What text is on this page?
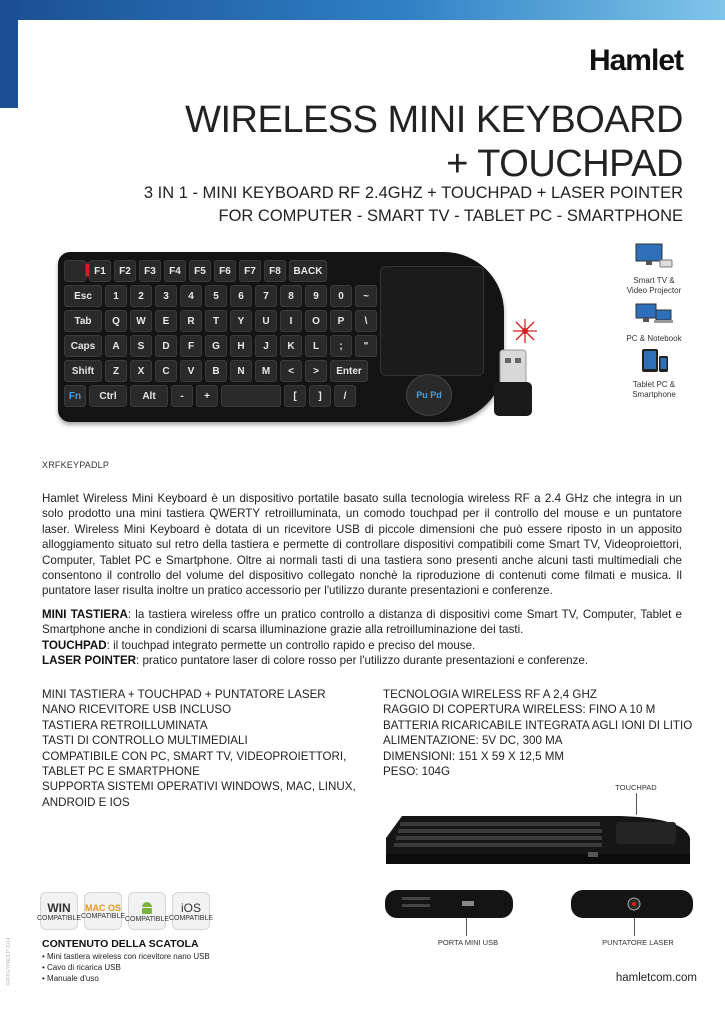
Hamlet
WIRELESS MINI KEYBOARD
+ TOUCHPAD
3 IN 1 - MINI KEYBOARD RF 2.4GHZ + TOUCHPAD + LASER POINTER
FOR COMPUTER - SMART TV - TABLET PC - SMARTPHONE
F1	F2	F3	F4	F5	F6	F7	F8	BACK
Esc	1	2	3	4	5	6	7	8	9	0	~
Tab	Q	W	E	R	T	Y	U	I	O	P	\
Caps	A	S	D	F	G	H	J	K	L	;	"
Shift	Z	X	C	V	B	N	M	<	>	Enter
Fn	Ctrl	Alt	-	+	[	]	/	Pu Pd
Smart TV &
Video Projector
PC & Notebook
Tablet PC &
Smartphone
XRFKEYPADLP

Hamlet Wireless Mini Keyboard è un dispositivo portatile basato sulla tecnologia wireless RF a 2.4 GHz che integra in un solo prodotto una mini tastiera QWERTY retroilluminata, un comodo touchpad per il controllo del mouse e un puntatore laser. Wireless Mini Keyboard è dotata di un ricevitore USB di piccole dimensioni che può essere riposto in un apposito alloggiamento situato sul retro della tastiera e permette di controllare dispositivi compatibili come Smart TV, Videoproiettori, Computer, Tablet PC e Smartphone. Oltre ai normali tasti di una tastiera sono presenti anche alcuni tasti multimediali che consentono il controllo del volume del dispositivo collegato nonchè la riproduzione di contenuti come filmati e musica. Il puntatore laser risulta inoltre un pratico accessorio per l'utilizzo durante presentazioni e conferenze.

MINI TASTIERA: la tastiera wireless offre un pratico controllo a distanza di dispositivi come Smart TV, Computer, Tablet e Smartphone anche in condizioni di scarsa illuminazione grazie alla retroilluminazione dei tasti.
TOUCHPAD: il touchpad integrato permette un controllo rapido e preciso del mouse.
LASER POINTER: pratico puntatore laser di colore rosso per l'utilizzo durante presentazioni e conferenze.
MINI TASTIERA + TOUCHPAD + PUNTATORE LASER
NANO RICEVITORE USB INCLUSO
TASTIERA RETROILLUMINATA
TASTI DI CONTROLLO MULTIMEDIALI
COMPATIBILE CON PC, SMART TV, VIDEOPROIETTORI,
TABLET PC E SMARTPHONE
SUPPORTA SISTEMI OPERATIVI WINDOWS, MAC, LINUX,
ANDROID E IOS
TECNOLOGIA WIRELESS RF A 2,4 GHZ
RAGGIO DI COPERTURA WIRELESS: FINO A 10 M
BATTERIA RICARICABILE INTEGRATA AGLI IONI DI LITIO
ALIMENTAZIONE: 5V DC, 300 MA
DIMENSIONI: 151 X 59 X 12,5 MM
PESO: 104G
TOUCHPAD
PORTA MINI USB	PUNTATORE LASER
WIN
COMPATIBLE
MAC OS
COMPATIBLE COMPATIBLE
iOS
COMPATIBLE
CONTENUTO DELLA SCATOLA
• Mini tastiera wireless con ricevitore nano USB
• Cavo di ricarica USB
• Manuale d'uso
XRFKEYPADLP 2014	hamletcom.com
